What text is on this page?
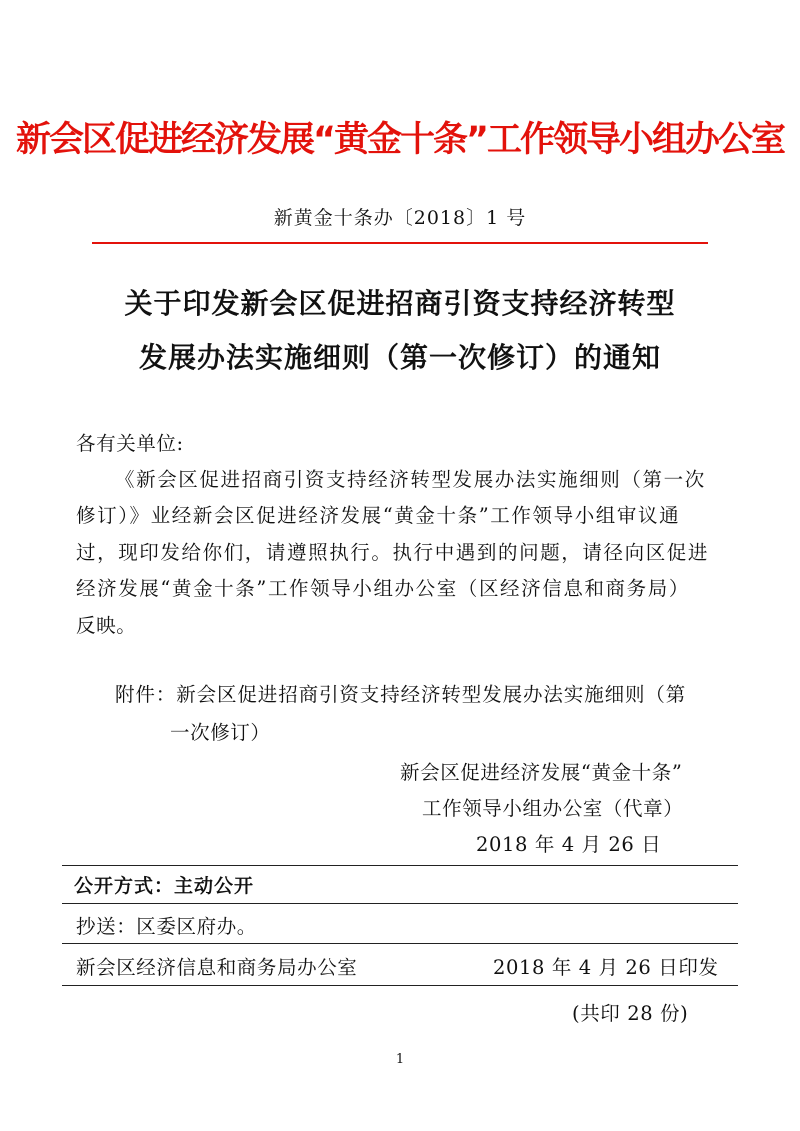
新会区促进经济发展“黄金十条”工作领导小组办公室
新黄金十条办〔2018〕1 号
关于印发新会区促进招商引资支持经济转型
发展办法实施细则（第一次修订）的通知
各有关单位:
《新会区促进招商引资支持经济转型发展办法实施细则（第一次
修订）》业经新会区促进经济发展“黄金十条”工作领导小组审议通
过，现印发给你们，请遵照执行。执行中遇到的问题，请径向区促进
经济发展“黄金十条”工作领导小组办公室（区经济信息和商务局）
反映。
附件：新会区促进招商引资支持经济转型发展办法实施细则（第
一次修订）
新会区促进经济发展“黄金十条”
工作领导小组办公室（代章）
2018 年 4 月 26 日
公开方式：主动公开
抄送：区委区府办。
新会区经济信息和商务局办公室	2018 年 4 月 26 日印发
(共印 28 份)
1
